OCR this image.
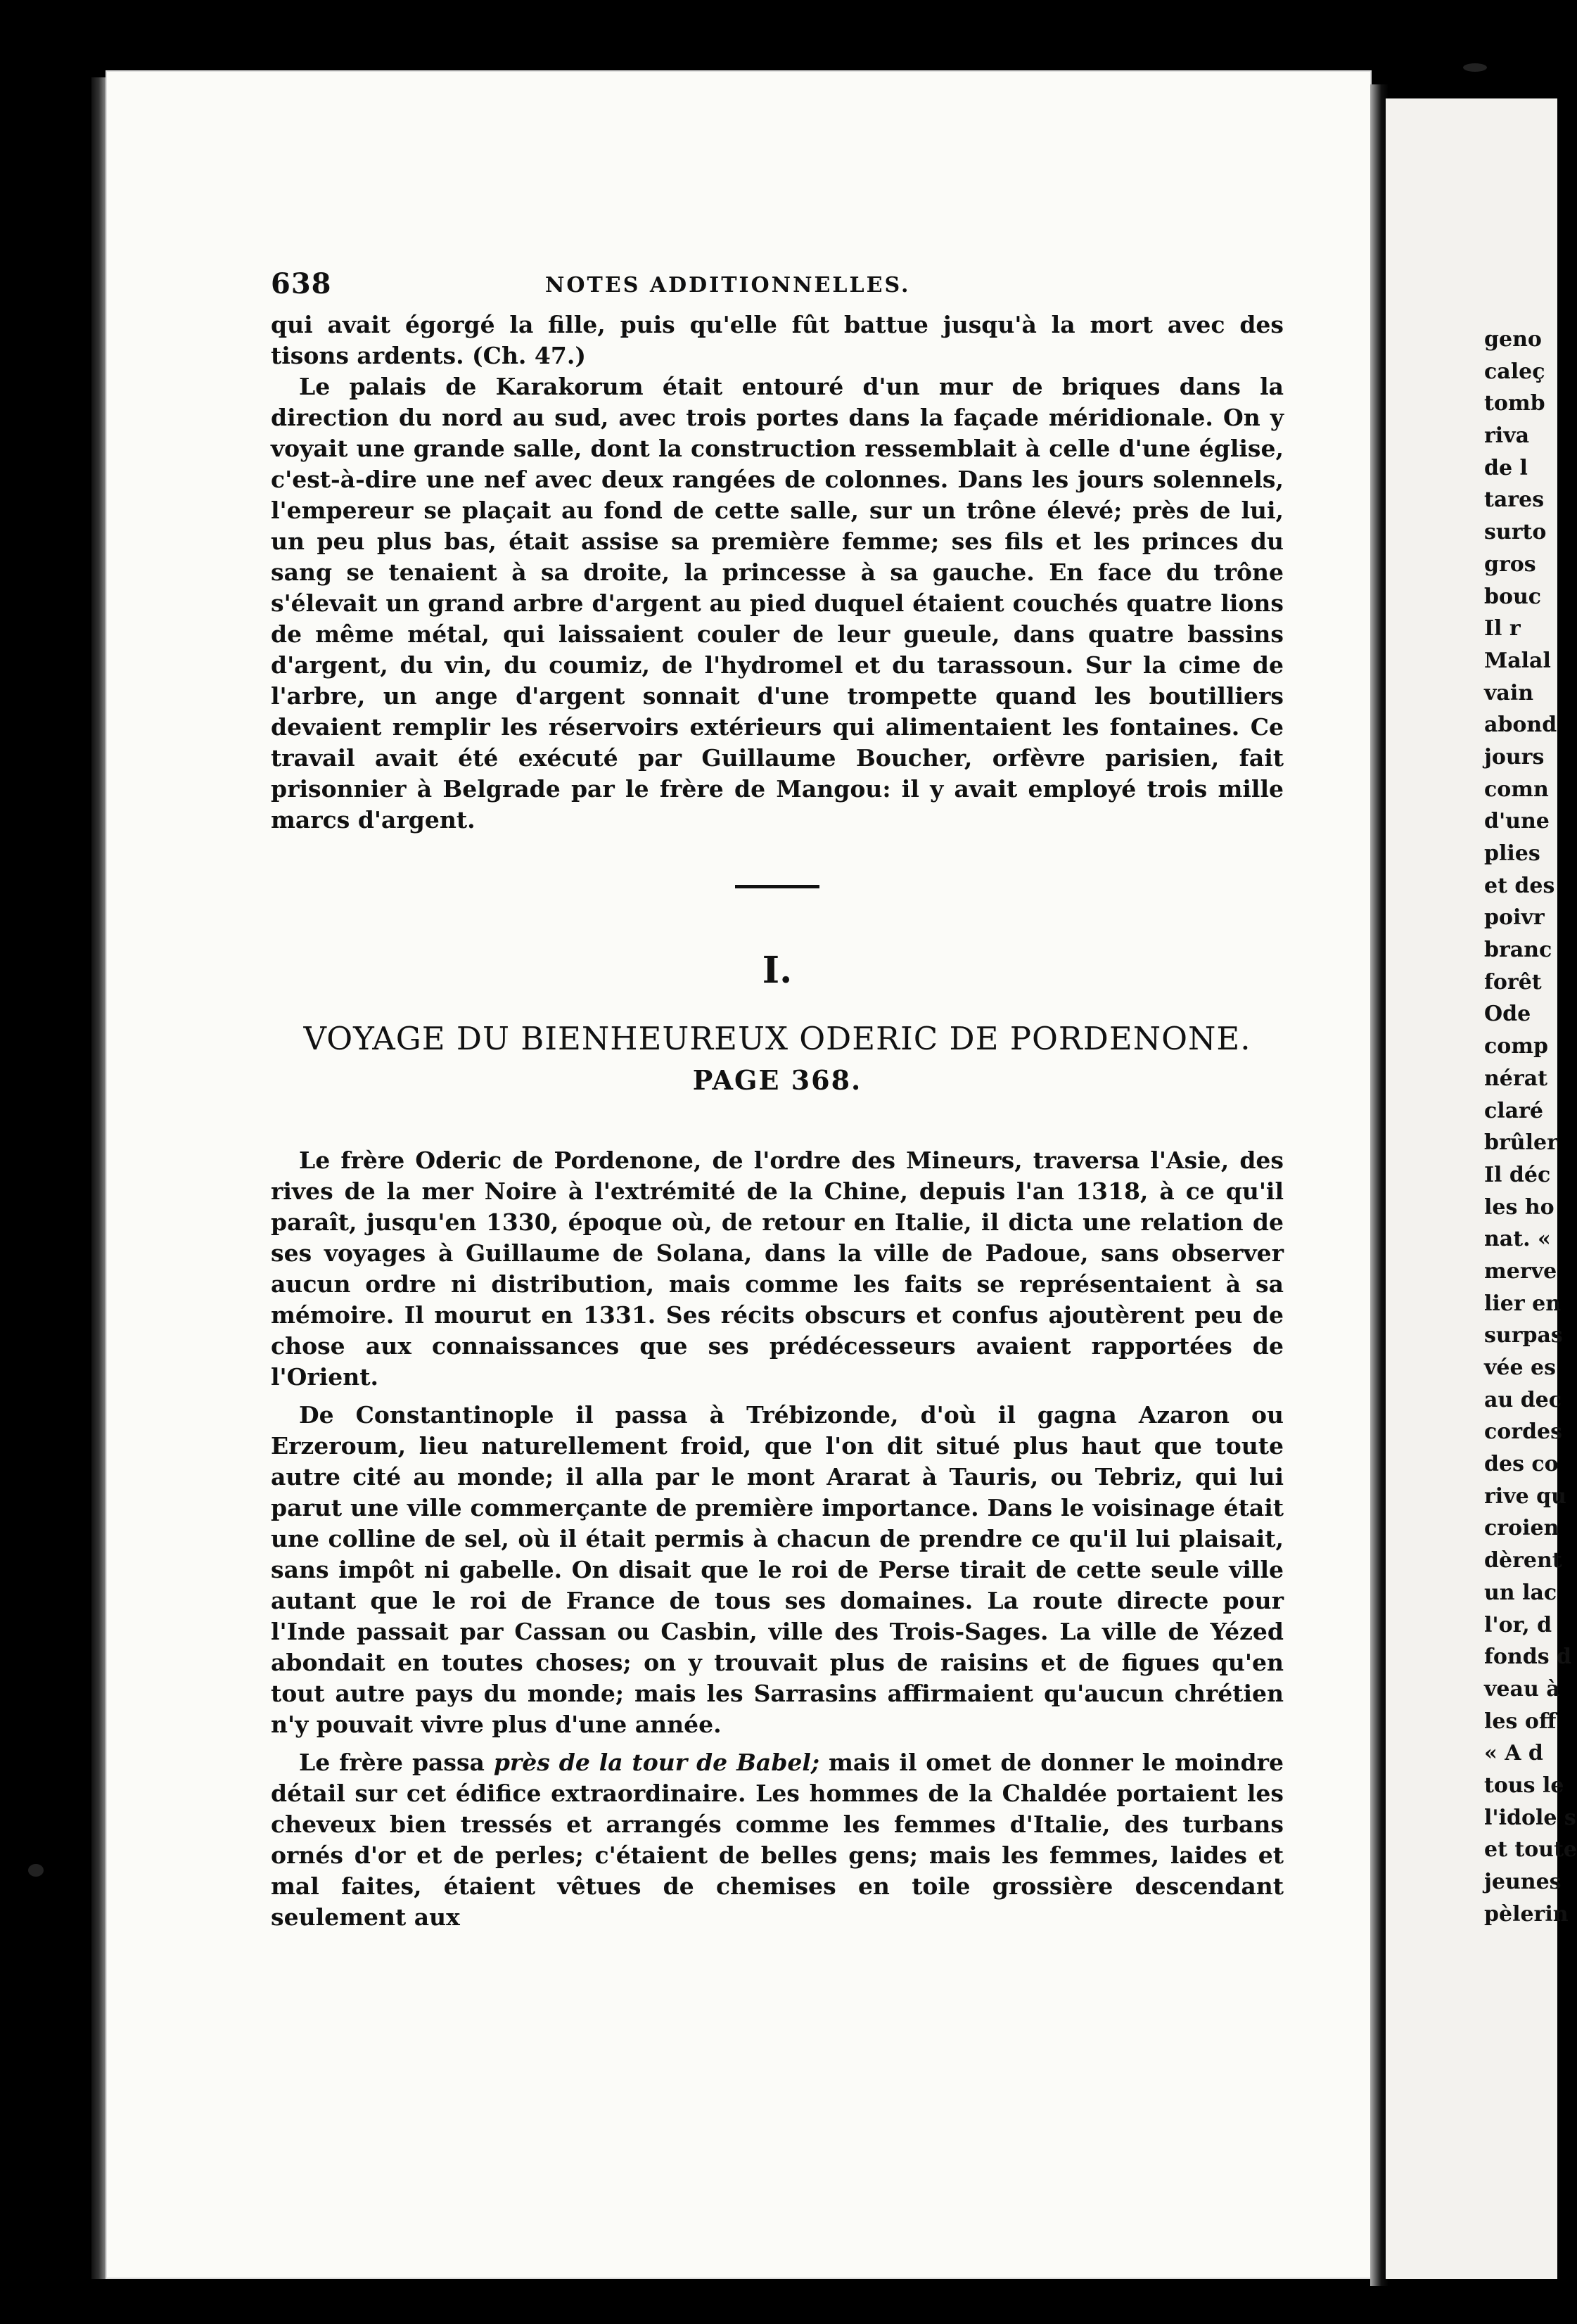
geno
caleç
tomb
riva
de l
tares
surto
gros
bouc
Il r
Malal
vain
abond
jours
comn
d'une
plies
et des
poivr
branc
forêt
Ode
comp
nérat
claré
brûler
Il déc
les ho
nat. «
merve
lier en
surpas
vée es
au dec
cordes
des co
rive qu
croien
dèrent
un lac
l'or, d
fonds d
veau à
les off
« A d
tous le
l'idole s
et toute
jeunes
pèlerin
638	NOTES ADDITIONNELLES.

qui avait égorgé la fille, puis qu'elle fût battue jusqu'à la mort avec des tisons ardents. (Ch. 47.)

Le palais de Karakorum était entouré d'un mur de briques dans la direction du nord au sud, avec trois portes dans la façade méridionale. On y voyait une grande salle, dont la construction ressemblait à celle d'une église, c'est-à-dire une nef avec deux rangées de colonnes. Dans les jours solennels, l'empereur se plaçait au fond de cette salle, sur un trône élevé; près de lui, un peu plus bas, était assise sa première femme; ses fils et les princes du sang se tenaient à sa droite, la princesse à sa gauche. En face du trône s'élevait un grand arbre d'argent au pied duquel étaient couchés quatre lions de même métal, qui laissaient couler de leur gueule, dans quatre bassins d'argent, du vin, du coumiz, de l'hydromel et du tarassoun. Sur la cime de l'arbre, un ange d'argent sonnait d'une trompette quand les boutilliers devaient remplir les réservoirs extérieurs qui alimentaient les fontaines. Ce travail avait été exécuté par Guillaume Boucher, orfèvre parisien, fait prisonnier à Belgrade par le frère de Mangou: il y avait employé trois mille marcs d'argent.

I.
VOYAGE DU BIENHEUREUX ODERIC DE PORDENONE.
PAGE 368.

Le frère Oderic de Pordenone, de l'ordre des Mineurs, traversa l'Asie, des rives de la mer Noire à l'extrémité de la Chine, depuis l'an 1318, à ce qu'il paraît, jusqu'en 1330, époque où, de retour en Italie, il dicta une relation de ses voyages à Guillaume de Solana, dans la ville de Padoue, sans observer aucun ordre ni distribution, mais comme les faits se représentaient à sa mémoire. Il mourut en 1331. Ses récits obscurs et confus ajoutèrent peu de chose aux connaissances que ses prédécesseurs avaient rapportées de l'Orient.

De Constantinople il passa à Trébizonde, d'où il gagna Azaron ou Erzeroum, lieu naturellement froid, que l'on dit situé plus haut que toute autre cité au monde; il alla par le mont Ararat à Tauris, ou Tebriz, qui lui parut une ville commerçante de première importance. Dans le voisinage était une colline de sel, où il était permis à chacun de prendre ce qu'il lui plaisait, sans impôt ni gabelle. On disait que le roi de Perse tirait de cette seule ville autant que le roi de France de tous ses domaines. La route directe pour l'Inde passait par Cassan ou Casbin, ville des Trois-Sages. La ville de Yézed abondait en toutes choses; on y trouvait plus de raisins et de figues qu'en tout autre pays du monde; mais les Sarrasins affirmaient qu'aucun chrétien n'y pouvait vivre plus d'une année.

Le frère passa près de la tour de Babel; mais il omet de donner le moindre détail sur cet édifice extraordinaire. Les hommes de la Chaldée portaient les cheveux bien tressés et arrangés comme les femmes d'Italie, des turbans ornés d'or et de perles; c'étaient de belles gens; mais les femmes, laides et mal faites, étaient vêtues de chemises en toile grossière descendant seulement aux
